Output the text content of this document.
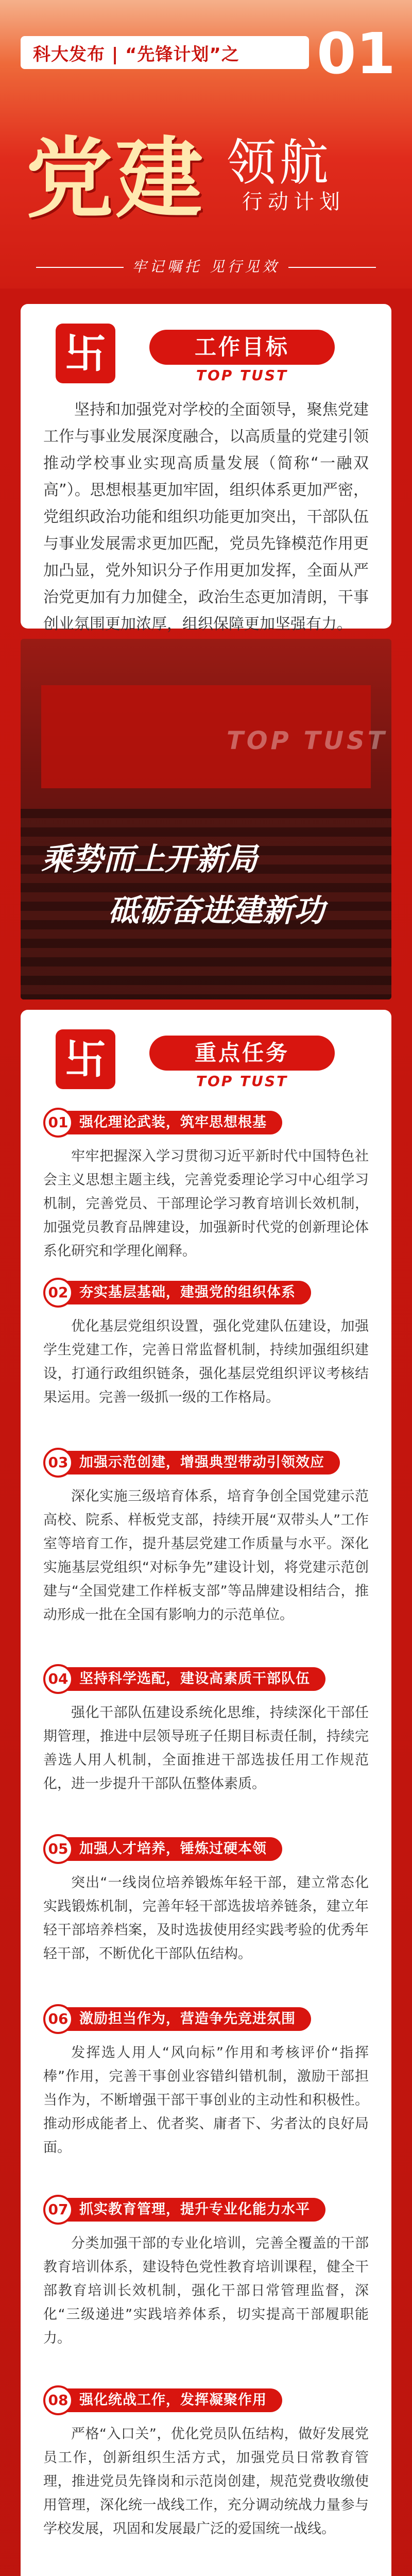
科大发布 | “先锋计划”之 01
党建 领航
行动计划
牢记嘱托 见行见效
卐	工作目标
TOP TUST
坚持和加强党对学校的全面领导，聚焦党建工作与事业发展深度融合，以高质量的党建引领推动学校事业实现高质量发展（简称“一融双高”）。思想根基更加牢固，组织体系更加严密，党组织政治功能和组织功能更加突出，干部队伍与事业发展需求更加匹配，党员先锋模范作用更加凸显，党外知识分子作用更加发挥，全面从严治党更加有力加健全，政治生态更加清朗，干事创业氛围更加浓厚，组织保障更加坚强有力。
TOP TUST
乘势而上开新局
砥砺奋进建新功
卐	重点任务
TOP TUST
强化理论武装，筑牢思想根基
01
牢牢把握深入学习贯彻习近平新时代中国特色社会主义思想主题主线，完善党委理论学习中心组学习机制，完善党员、干部理论学习教育培训长效机制，加强党员教育品牌建设，加强新时代党的创新理论体系化研究和学理化阐释。
夯实基层基础，建强党的组织体系
02
优化基层党组织设置，强化党建队伍建设，加强学生党建工作，完善日常监督机制，持续加强组织建设，打通行政组织链条，强化基层党组织评议考核结果运用。完善一级抓一级的工作格局。
加强示范创建，增强典型带动引领效应
03
深化实施三级培育体系，培育争创全国党建示范高校、院系、样板党支部，持续开展“双带头人”工作室等培育工作，提升基层党建工作质量与水平。深化实施基层党组织“对标争先”建设计划，将党建示范创建与“全国党建工作样板支部”等品牌建设相结合，推动形成一批在全国有影响力的示范单位。
坚持科学选配，建设高素质干部队伍
04
强化干部队伍建设系统化思维，持续深化干部任期管理，推进中层领导班子任期目标责任制，持续完善选人用人机制，全面推进干部选拔任用工作规范化，进一步提升干部队伍整体素质。
加强人才培养，锤炼过硬本领
05
突出“一线岗位培养锻炼年轻干部，建立常态化实践锻炼机制，完善年轻干部选拔培养链条，建立年轻干部培养档案，及时选拔使用经实践考验的优秀年轻干部，不断优化干部队伍结构。
激励担当作为，营造争先竞进氛围
06
发挥选人用人“风向标”作用和考核评价“指挥棒”作用，完善干事创业容错纠错机制，激励干部担当作为，不断增强干部干事创业的主动性和积极性。推动形成能者上、优者奖、庸者下、劣者汰的良好局面。
抓实教育管理，提升专业化能力水平
07
分类加强干部的专业化培训，完善全覆盖的干部教育培训体系，建设特色党性教育培训课程，健全干部教育培训长效机制，强化干部日常管理监督，深化“三级递进”实践培养体系，切实提高干部履职能力。
强化统战工作，发挥凝聚作用
08
严格“入口关”，优化党员队伍结构，做好发展党员工作，创新组织生活方式，加强党员日常教育管理，推进党员先锋岗和示范岗创建，规范党费收缴使用管理，深化统一战线工作，充分调动统战力量参与学校发展，巩固和发展最广泛的爱国统一战线。
